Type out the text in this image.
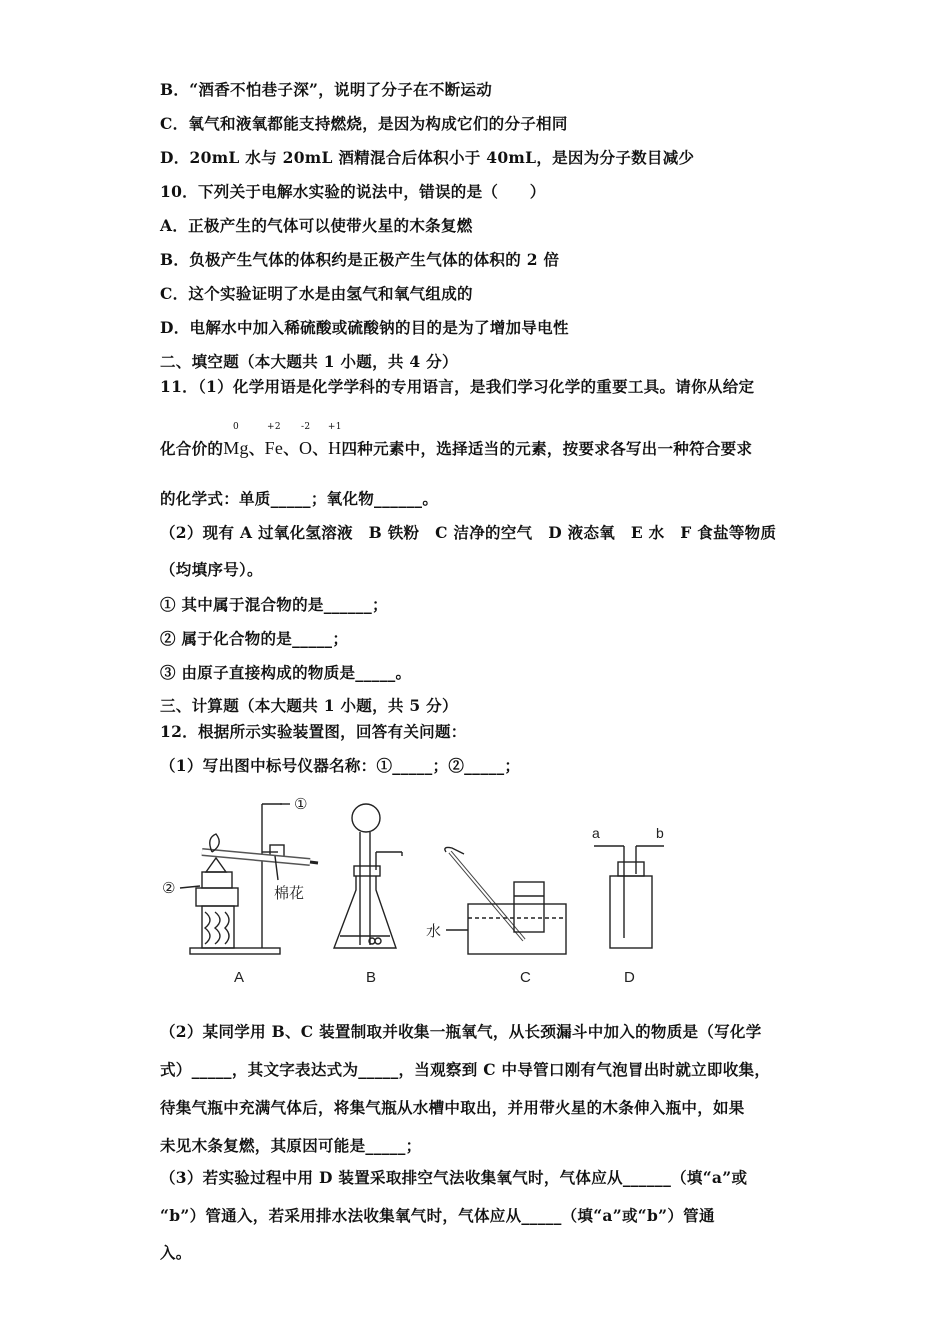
B．“酒香不怕巷子深”，说明了分子在不断运动
C．氧气和液氧都能支持燃烧，是因为构成它们的分子相同
D．20mL 水与 20mL 酒精混合后体积小于 40mL，是因为分子数目减少
10．下列关于电解水实验的说法中，错误的是（　　）
A．正极产生的气体可以使带火星的木条复燃
B．负极产生气体的体积约是正极产生气体的体积的 2 倍
C．这个实验证明了水是由氢气和氧气组成的
D．电解水中加入稀硫酸或硫酸钠的目的是为了增加导电性
二、填空题（本大题共 1 小题，共 4 分）
11．（1）化学用语是化学学科的专用语言，是我们学习化学的重要工具。请你从给定
化合价的
0
Mg、
+2
Fe、
-2
O、
+1
H四种元素中，选择适当的元素，按要求各写出一种符合要求
的化学式：单质_____；氧化物______。
（2）现有 A 过氧化氢溶液　B 铁粉　C 洁净的空气　D 液态氧　E 水　F 食盐等物质
（均填序号）。
① 其中属于混合物的是______；
② 属于化合物的是_____；
③ 由原子直接构成的物质是_____。
三、计算题（本大题共 1 小题，共 5 分）
12．根据所示实验装置图，回答有关问题：
（1）写出图中标号仪器名称：①_____；②_____；
①
②	棉花
A	B
水
C
a	b
D
（2）某同学用 B、C 装置制取并收集一瓶氧气，从长颈漏斗中加入的物质是（写化学
式）_____，其文字表达式为_____，当观察到 C 中导管口刚有气泡冒出时就立即收集，
待集气瓶中充满气体后，将集气瓶从水槽中取出，并用带火星的木条伸入瓶中，如果
未见木条复燃，其原因可能是_____；
（3）若实验过程中用 D 装置采取排空气法收集氧气时，气体应从______（填“a”或
“b”）管通入，若采用排水法收集氧气时，气体应从_____（填“a”或“b”）管通
入。
